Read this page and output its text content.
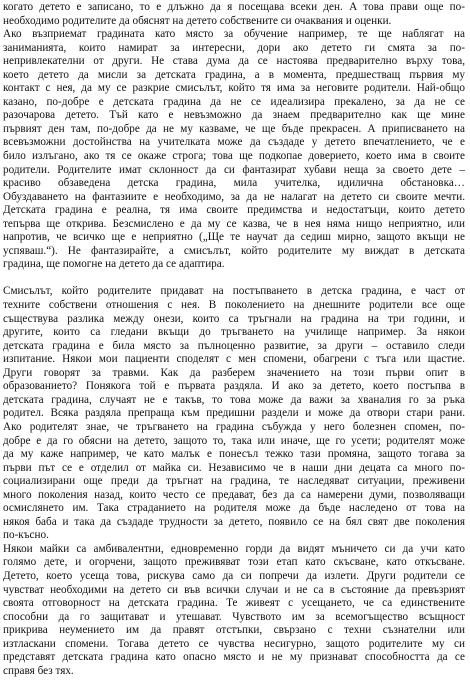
когато детето е записано, то е длъжно да я посещава всеки ден. А това прави още по-
необходимо родителите да обяснят на детето собствените си очаквания и оценки.
Ако възприемат градината като място за обучение например, те ще наблягат на
заниманията, които намират за интересни, дори ако детето ги смята за по-
непривлекателни от други. Не става дума да се настоява предварително върху това,
което детето да мисли за детската градина, а в момента, предшестващ първия му
контакт с нея, да му се разкрие смисълът, който тя има за неговите родители. Най-общо
казано, по-добре е детската градина да не се идеализира прекалено, за да не се
разочарова детето. Тъй като е невъзможно да знаем предварително как ще мине
първият ден там, по-добре да не му казваме, че ще бъде прекрасен. А приписването на
всевъзможни достойнства на учителката може да създаде у детето впечатлението, че е
било излъгано, ако тя се окаже строга; това ще подкопае доверието, което има в своите
родители. Родителите имат склонност да си фантазират хубави неща за своето дете –
красиво обзаведена детска градина, мила учителка, идилична обстановка…
Обуздаването на фантазиите е необходимо, за да не налагат на детето си своите мечти.
Детската градина е реална, тя има своите предимства и недостатъци, които детето
тепърва ще открива. Безсмислено е да му се казва, че в нея няма нищо неприятно, или
напротив, че всичко ще е неприятно („Ще те научат да седиш мирно, защото вкъщи не
успяваш.“). Не фантазирайте, а смисълът, който родителите му виждат в детската
градина, ще помогне на детето да се адаптира.
Смисълът, който родителите придават на постъпването в детска градина, е част от
техните собствени отношения с нея. В поколението на днешните родители все още
съществува разлика между онези, които са тръгнали на градина на три години, и
другите, които са гледани вкъщи до тръгването на училище например. За някои
детската градина е била място за пълноценно развитие, за други – оставило следи
изпитание. Някои мои пациенти споделят с мен спомени, обагрени с тъга или щастие.
Други говорят за травми. Как да разберем значението на този първи опит в
образованието? Понякога той е първата раздяла. И ако за детето, което постъпва в
детската градина, случаят не е такъв, то това може да важи за хваналия го за ръка
родител. Всяка раздяла препраща към предишни раздели и може да отвори стари рани.
Ако родителят знае, че тръгването на градина събужда у него болезнен спомен, по-
добре е да го обясни на детето, защото то, така или иначе, ще го усети; родителят може
да му каже например, че като малък е понесъл тежко тази промяна, защото тогава за
първи път се е отделил от майка си. Независимо че в наши дни децата са много по-
социализирани още преди да тръгнат на градина, те наследяват ситуации, преживени
много поколения назад, които често се предават, без да са намерени думи, позволяващи
осмислянето им. Така страданието на родителя може да бъде наследено от това на
някоя баба и така да създаде трудности за детето, появило се на бял свят две поколения
по-късно.
Някои майки са амбивалентни, едновременно горди да видят мъничето си да учи като
голямо дете, и огорчени, защото преживяват този етап като скъсване, като откъсване.
Детето, което усеща това, рискува само да си попречи да излети. Други родители се
чувстват необходими на детето си във всички случаи и не са в състояние да превъзрият
своята отговорност на детската градина. Те живеят с усещането, че са единствените
способни да го защитават и утешават. Чувството им за всемогъщество всъщност
прикрива неумението им да правят отстъпки, свързано с техни съзнателни или
изтласкани спомени. Тогава детето се чувства несигурно, защото родителите му си
представят детската градина като опасно място и не му признават способността да се
справя без тях.
